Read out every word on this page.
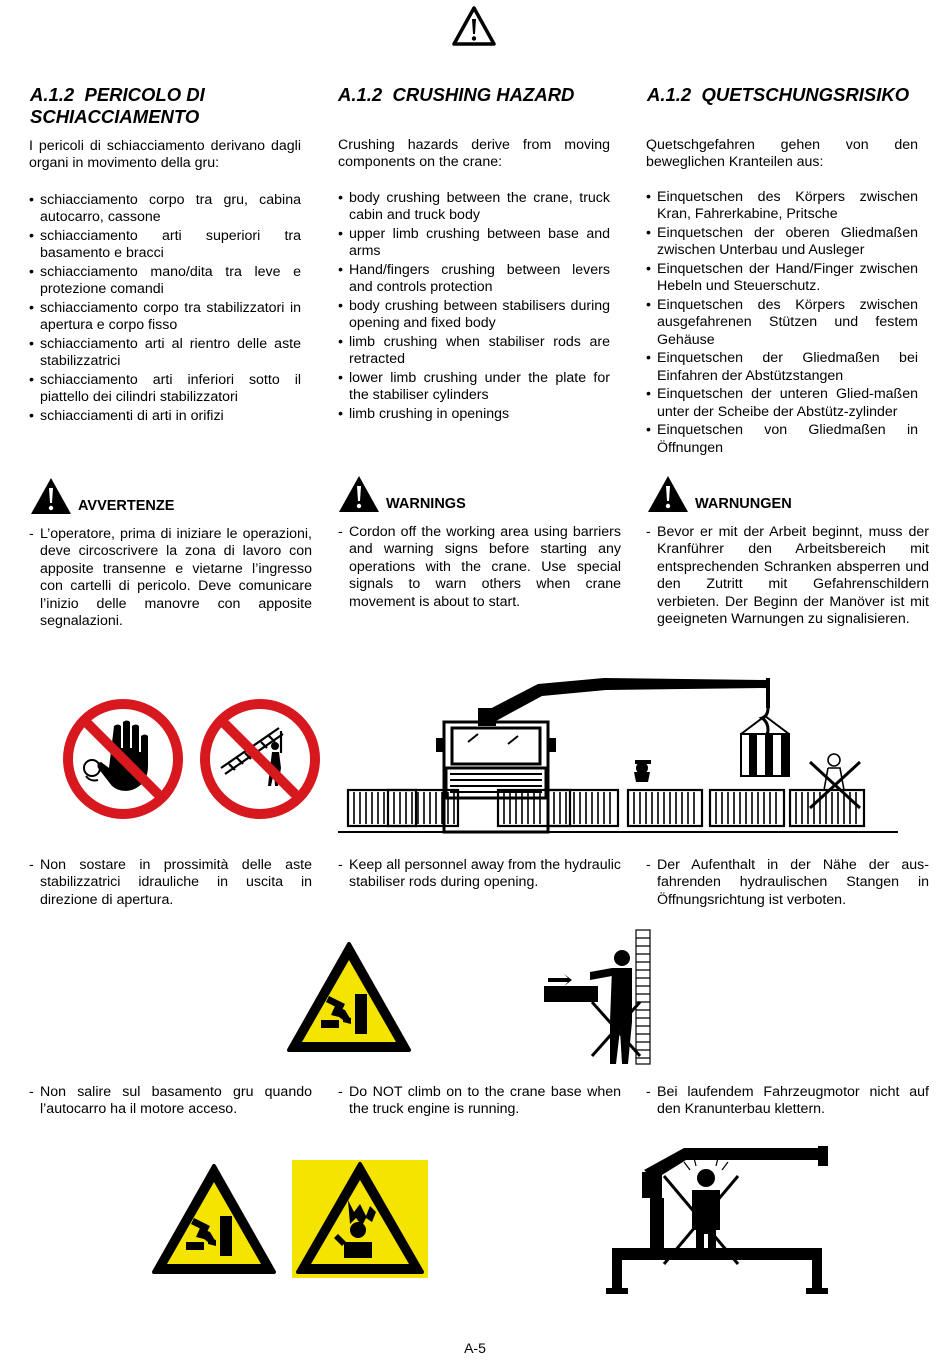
A.1.2 PERICOLO DI
SCHIACCIAMENTO

I pericoli di schiacciamento derivano dagli organi in movimento della gru:

• schiacciamento corpo tra gru, cabina autocarro, cassone
• schiacciamento arti superiori tra basamento e bracci
• schiacciamento mano/dita tra leve e protezione comandi
• schiacciamento corpo tra stabilizzatori in apertura e corpo fisso
• schiacciamento arti al rientro delle aste stabilizzatrici
• schiacciamento arti inferiori sotto il piattello dei cilindri stabilizzatori
• schiacciamenti di arti in orifizi
AVVERTENZE

- L’operatore, prima di iniziare le operazioni, deve circoscrivere la zona di lavoro con apposite transenne e vietarne l’ingresso con cartelli di pericolo. Deve comunicare l’inizio delle manovre con apposite segnalazioni.

- Non sostare in prossimità delle aste stabilizzatrici idrauliche in uscita in direzione di apertura.

- Non salire sul basamento gru quando l’autocarro ha il motore acceso.

A.1.2 CRUSHING HAZARD

Crushing hazards derive from moving components on the crane:

• body crushing between the crane, truck cabin and truck body
• upper limb crushing between base and arms
• Hand/fingers crushing between levers and controls protection
• body crushing between stabilisers during opening and fixed body
• limb crushing when stabiliser rods are retracted
• lower limb crushing under the plate for the stabiliser cylinders
• limb crushing in openings
WARNINGS

- Cordon off the working area using barriers and warning signs before starting any operations with the crane. Use special signals to warn others when crane movement is about to start.

- Keep all personnel away from the hydraulic stabiliser rods during opening.

- Do NOT climb on to the crane base when the truck engine is running.

A.1.2 QUETSCHUNGSRISIKO

Quetschgefahren gehen von den beweglichen Kranteilen aus:

• Einquetschen des Körpers zwischen Kran, Fahrerkabine, Pritsche
• Einquetschen der oberen Gliedmaßen zwischen Unterbau und Ausleger
• Einquetschen der Hand/Finger zwischen Hebeln und Steuerschutz.
• Einquetschen des Körpers zwischen ausgefahrenen Stützen und festem Gehäuse
• Einquetschen der Gliedmaßen bei Einfahren der Abstützstangen
• Einquetschen der unteren Glied-maßen unter der Scheibe der Abstütz-zylinder
• Einquetschen von Gliedmaßen in Öffnungen
WARNUNGEN

- Bevor er mit der Arbeit beginnt, muss der Kranführer den Arbeitsbereich mit entsprechenden Schranken absperren und den Zutritt mit Gefahrenschildern verbieten. Der Beginn der Manöver ist mit geeigneten Warnungen zu signalisieren.

- Der Aufenthalt in der Nähe der aus-fahrenden hydraulischen Stangen in Öffnungsrichtung ist verboten.

- Bei laufendem Fahrzeugmotor nicht auf den Kranunterbau klettern.

A-5
